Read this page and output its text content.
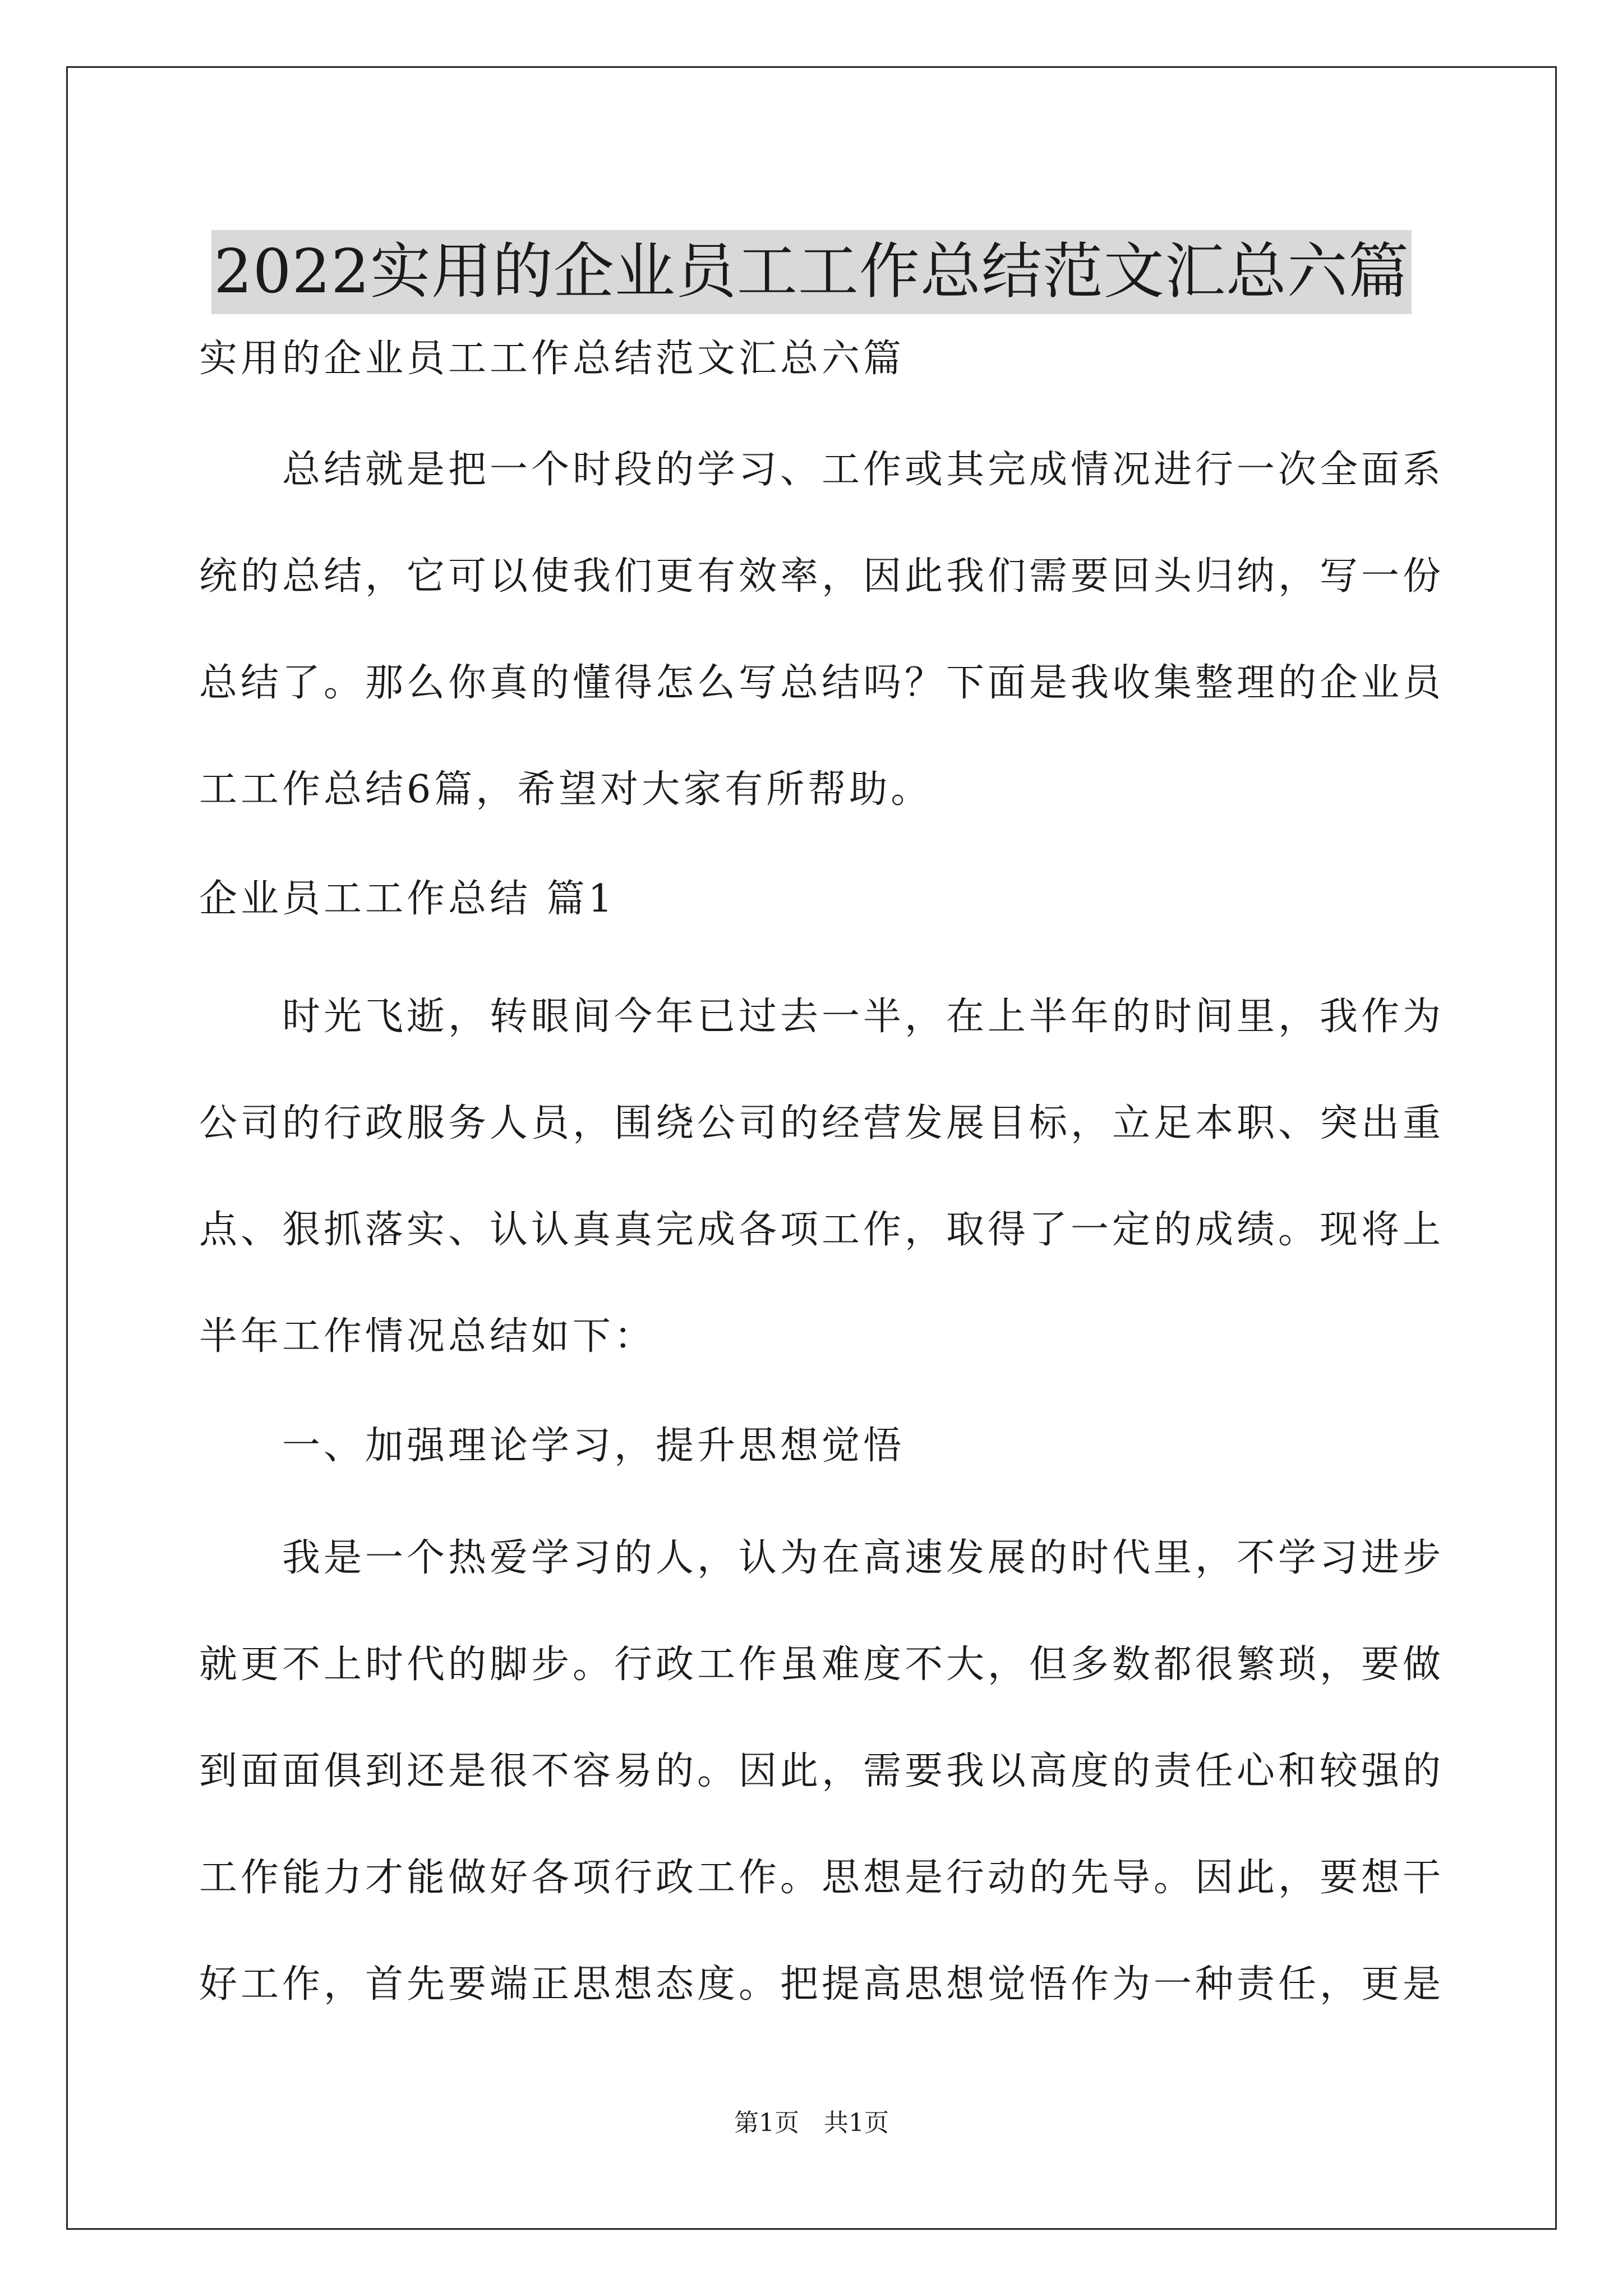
2022实用的企业员工工作总结范文汇总六篇
实用的企业员工工作总结范文汇总六篇
　　总结就是把一个时段的学习、工作或其完成情况进行一次全面系
统的总结，它可以使我们更有效率，因此我们需要回头归纳，写一份
总结了。那么你真的懂得怎么写总结吗？下面是我收集整理的企业员
工工作总结6篇，希望对大家有所帮助。
企业员工工作总结 篇1
　　时光飞逝，转眼间今年已过去一半，在上半年的时间里，我作为
公司的行政服务人员，围绕公司的经营发展目标，立足本职、突出重
点、狠抓落实、认认真真完成各项工作，取得了一定的成绩。现将上
半年工作情况总结如下：
　　一、加强理论学习，提升思想觉悟
　　我是一个热爱学习的人，认为在高速发展的时代里，不学习进步
就更不上时代的脚步。行政工作虽难度不大，但多数都很繁琐，要做
到面面俱到还是很不容易的。因此，需要我以高度的责任心和较强的
工作能力才能做好各项行政工作。思想是行动的先导。因此，要想干
好工作，首先要端正思想态度。把提高思想觉悟作为一种责任，更是
第1页　共1页
